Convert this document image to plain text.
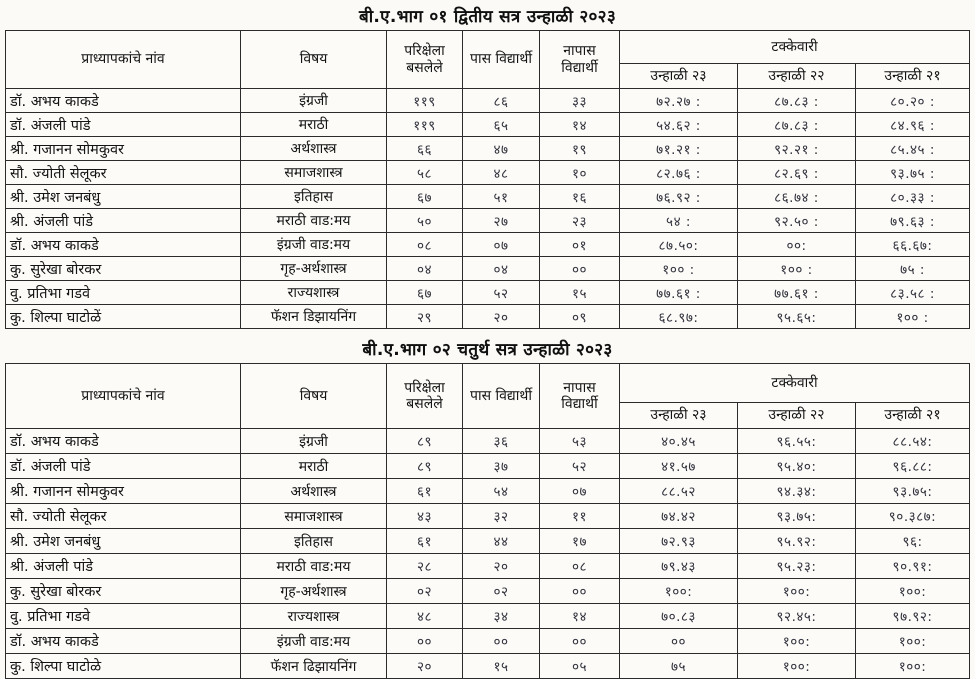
बी.ए.भाग ०१ द्वितीय सत्र उन्हाळी २०२३
प्राध्यापकांचे नांव	विषय	परिक्षेला बसलेले	पास विद्यार्थी	नापास विद्यार्थी	टक्केवारी		
					उन्हाळी २३	उन्हाळी २२	उन्हाळी २१
डॉ. अभय काकडे	इंग्रजी	११९	८६	३३	७२.२७ :	८७.८३ :	८०.२० :
डॉ. अंजली पांडे	मराठी	११९	६५	१४	५४.६२ :	८७.८३ :	८४.९६ :
श्री. गजानन सोमकुवर	अर्थशास्त्र	६६	४७	१९	७१.२१ :	९२.२१ :	८५.४५ :
सौ. ज्योती सेलूकर	समाजशास्त्र	५८	४८	१०	८२.७६ :	८२.६९ :	९३.७५ :
श्री. उमेश जनबंधु	इतिहास	६७	५१	१६	७६.९२ :	८६.७४ :	८०.३३ :
श्री. अंजली पांडे	मराठी वाड:मय	५०	२७	२३	५४ :	९२.५० :	७९.६३ :
डॉ. अभय काकडे	इंग्रजी वाड:मय	०८	०७	०१	८७.५०:	००:	६६.६७:
कु. सुरेखा बोरकर	गृह-अर्थशास्त्र	०४	०४	००	१०० :	१०० :	७५ :
वु. प्रतिभा गडवे	राज्यशास्त्र	६७	५२	१५	७७.६१ :	७७.६१ :	८३.५८ :
कु. शिल्पा घाटोळें	फॅशन डिझायनिंग	२९	२०	०९	६८.९७:	९५.६५:	१०० :
बी.ए.भाग ०२ चतुर्थ सत्र उन्हाळी २०२३
प्राध्यापकांचे नांव	विषय	परिक्षेला बसलेले	पास विद्यार्थी	नापास विद्यार्थी	टक्केवारी		
					उन्हाळी २३	उन्हाळी २२	उन्हाळी २१
डॉ. अभय काकडे	इंग्रजी	८९	३६	५३	४०.४५	९६.५५:	८८.५४:
डॉ. अंजली पांडे	मराठी	८९	३७	५२	४१.५७	९५.४०:	९६.८८:
श्री. गजानन सोमकुवर	अर्थशास्त्र	६१	५४	०७	८८.५२	९४.३४:	९३.७५:
सौ. ज्योती सेलूकर	समाजशास्त्र	४३	३२	११	७४.४२	९३.७५:	९०.३८७:
श्री. उमेश जनबंधु	इतिहास	६१	४४	१७	७२.९३	९५.९२:	९६:
श्री. अंजली पांडे	मराठी वाड:मय	२८	२०	०८	७९.४३	९५.२३:	९०.९१:
कु. सुरेखा बोरकर	गृह-अर्थशास्त्र	०२	०२	००	१००:	१००:	१००:
वु. प्रतिभा गडवे	राज्यशास्त्र	४८	३४	१४	७०.८३	९२.४५:	९७.९२:
डॉ. अभय काकडे	इंग्रजी वाड:मय	००	००	००	००	१००:	१००:
कु. शिल्पा घाटोळे	फॅशन ढिझायनिंग	२०	१५	०५	७५	१००:	१००:
